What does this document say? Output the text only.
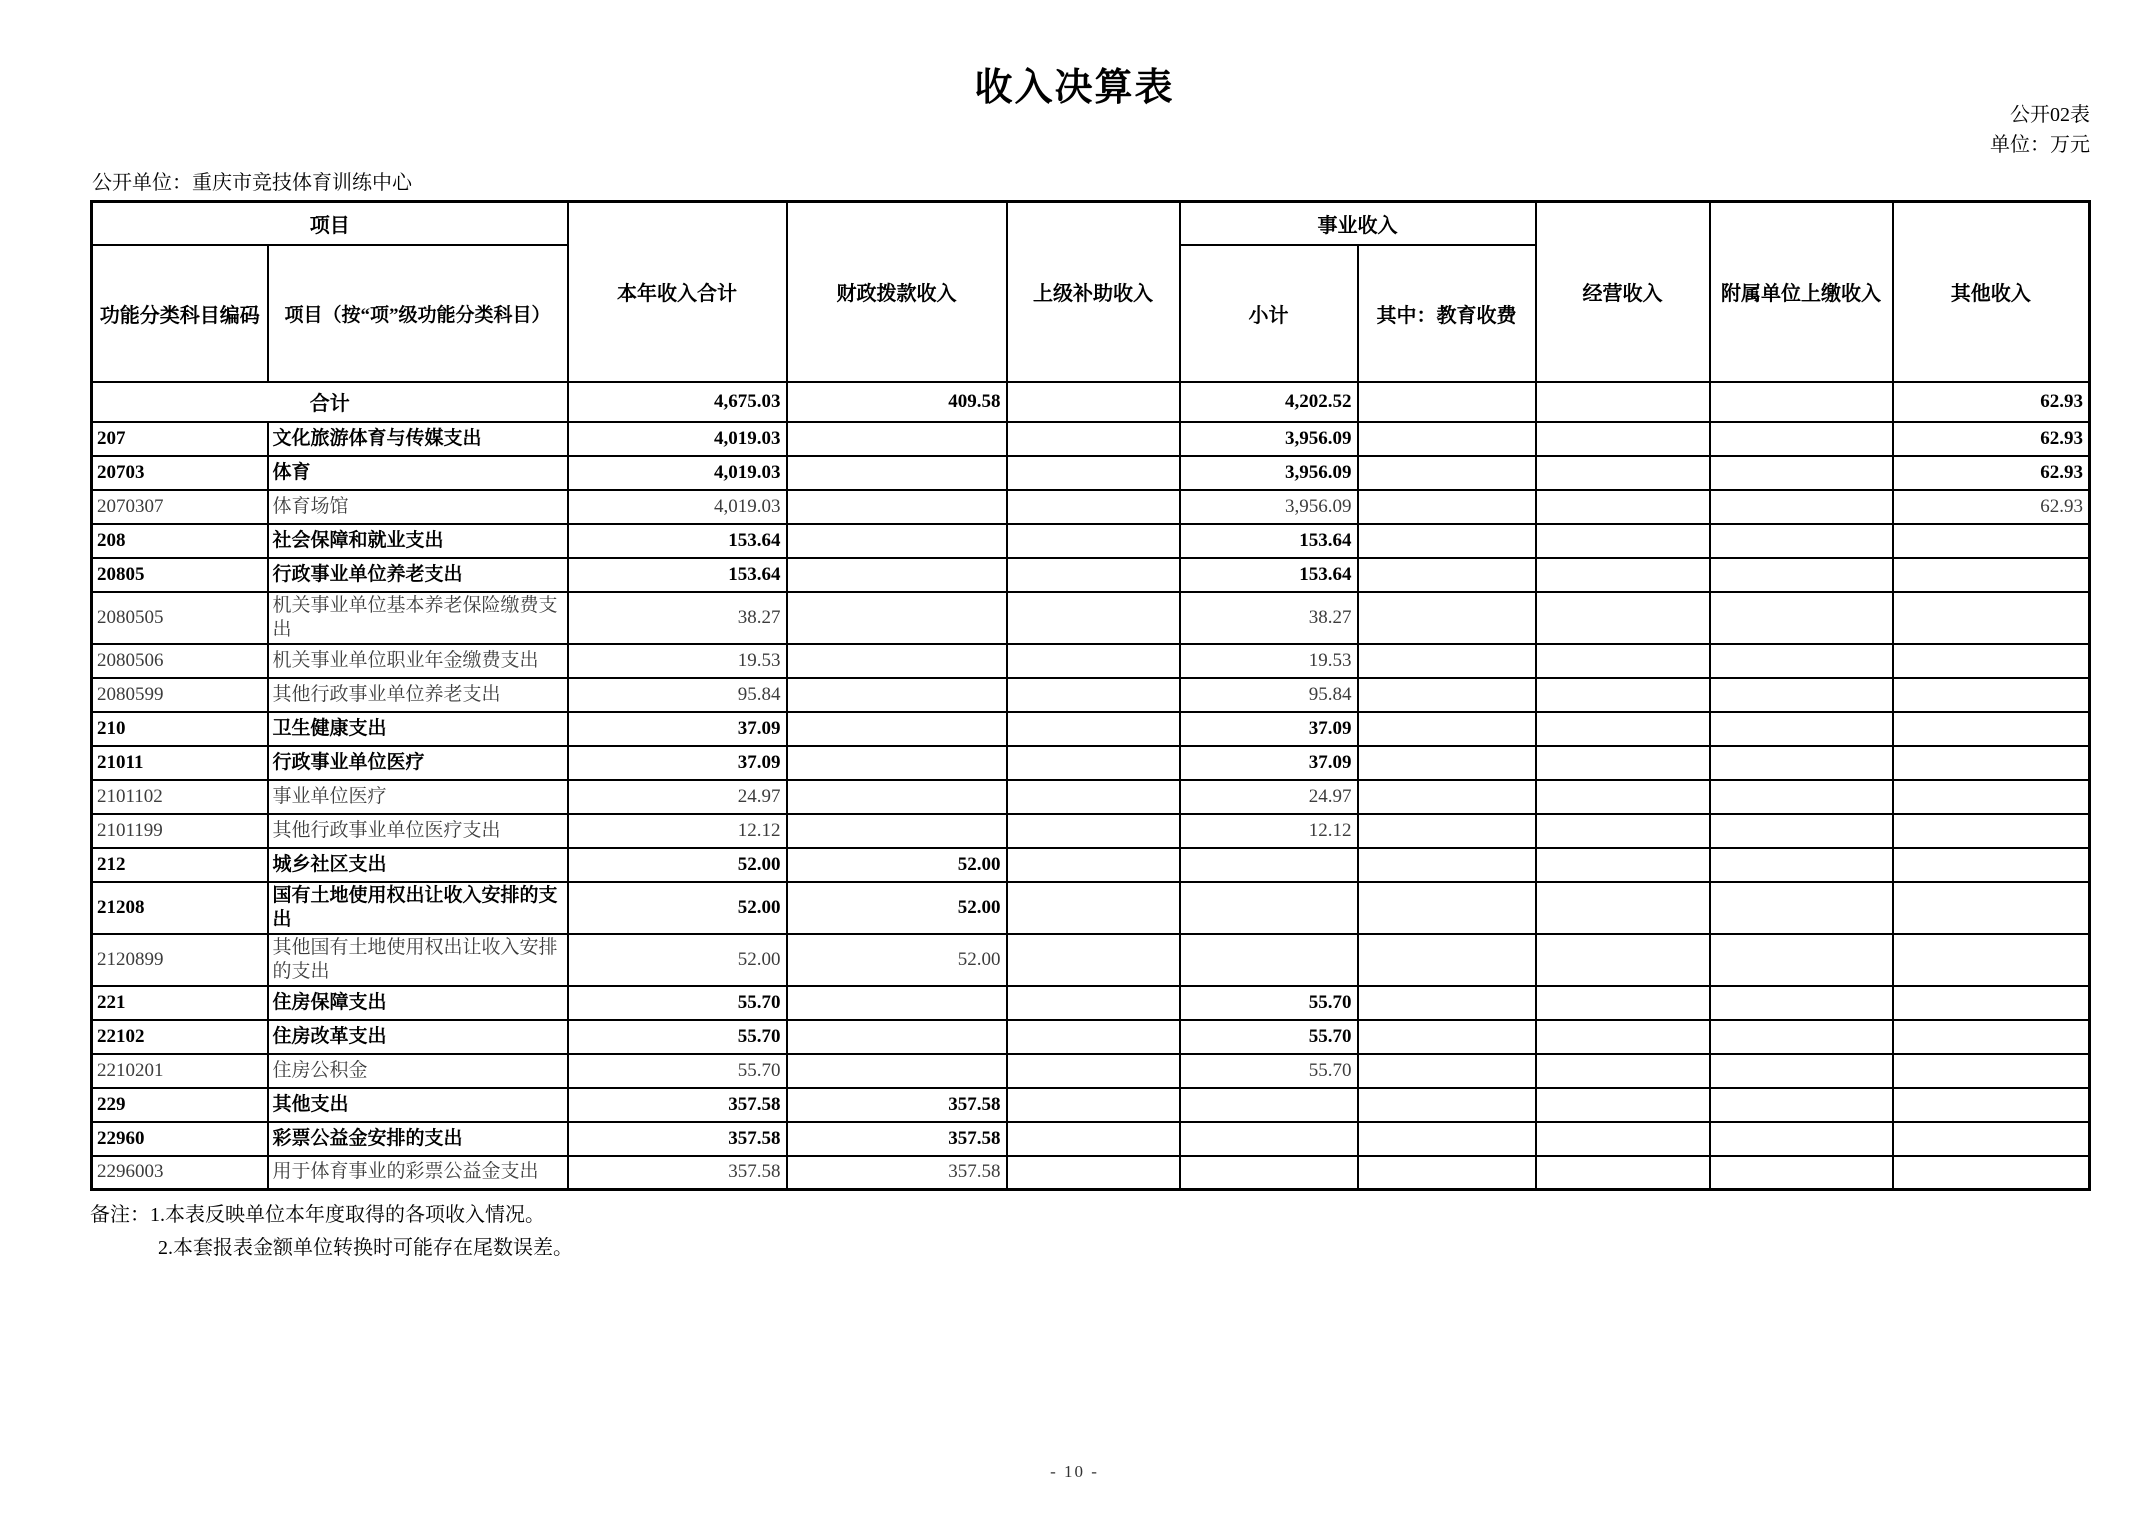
收入决算表
公开02表
单位：万元
公开单位：重庆市竞技体育训练中心
项目		本年收入合计	财政拨款收入	上级补助收入	事业收入		经营收入	附属单位上缴收入	其他收入
功能分类科目编码	项目（按“项”级功能分类科目）				小计	其中：教育收费			
合计		4,675.03	409.58		4,202.52				62.93
207	文化旅游体育与传媒支出	4,019.03			3,956.09				62.93
20703	体育	4,019.03			3,956.09				62.93
2070307	体育场馆	4,019.03			3,956.09				62.93
208	社会保障和就业支出	153.64			153.64				
20805	行政事业单位养老支出	153.64			153.64				
2080505	机关事业单位基本养老保险缴费支出	38.27			38.27				
2080506	机关事业单位职业年金缴费支出	19.53			19.53				
2080599	其他行政事业单位养老支出	95.84			95.84				
210	卫生健康支出	37.09			37.09				
21011	行政事业单位医疗	37.09			37.09				
2101102	事业单位医疗	24.97			24.97				
2101199	其他行政事业单位医疗支出	12.12			12.12				
212	城乡社区支出	52.00	52.00						
21208	国有土地使用权出让收入安排的支出	52.00	52.00						
2120899	其他国有土地使用权出让收入安排的支出	52.00	52.00						
221	住房保障支出	55.70			55.70				
22102	住房改革支出	55.70			55.70				
2210201	住房公积金	55.70			55.70				
229	其他支出	357.58	357.58						
22960	彩票公益金安排的支出	357.58	357.58						
2296003	用于体育事业的彩票公益金支出	357.58	357.58						
备注：1.本表反映单位本年度取得的各项收入情况。
2.本套报表金额单位转换时可能存在尾数误差。
- 10 -
